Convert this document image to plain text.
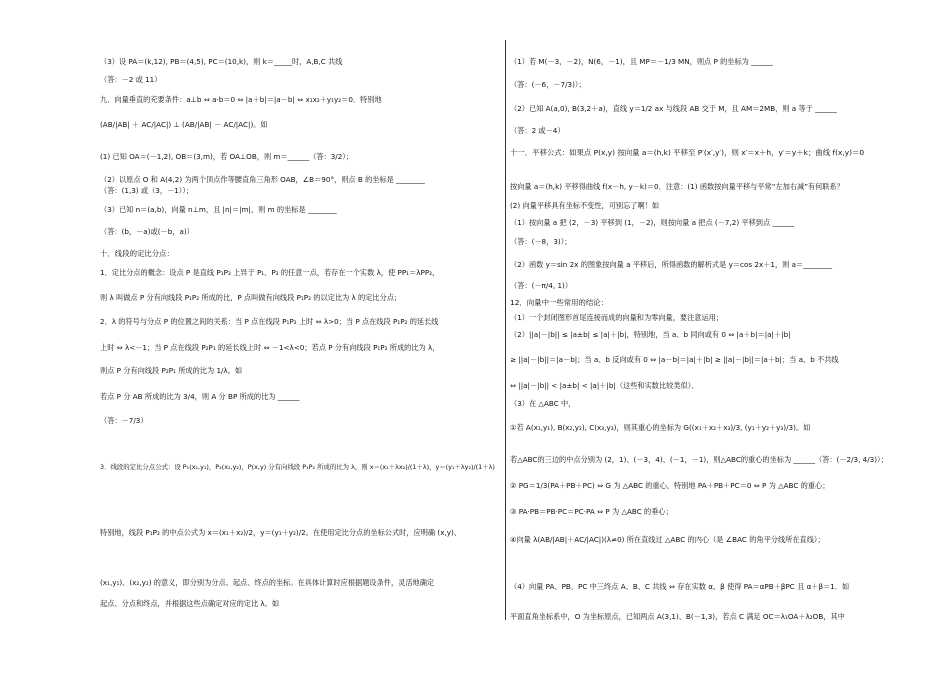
（3）设 PA＝(k,12), PB＝(4,5), PC＝(10,k)，则 k＝_____时，A,B,C 共线
（答：－2 或 11）
九．向量垂直的充要条件：a⊥b ⇔ a·b＝0 ⇔ |a＋b|＝|a－b| ⇔ x₁x₂＋y₁y₂＝0．特别地
(AB/|AB| ＋ AC/|AC|) ⊥ (AB/|AB| － AC/|AC|)。如
(1) 已知 OA＝(－1,2), OB＝(3,m)，若 OA⊥OB，则 m＝______（答：3/2）；
（2）以原点 O 和 A(4,2) 为两个顶点作等腰直角三角形 OAB，∠B＝90°，则点 B 的坐标是 ________
（答：(1,3) 或（3，－1））；
（3）已知 n＝(a,b)，向量 n⊥m，且 |n|＝|m|，则 m 的坐标是 ________
（答：(b，－a)或(－b，a)）
十．线段的定比分点：
1．定比分点的概念：设点 P 是直线 P₁P₂ 上异于 P₁、P₂ 的任意一点，若存在一个实数 λ，使 PP₁＝λPP₂，
则 λ 叫做点 P 分有向线段 P₁P₂ 所成的比，P 点叫做有向线段 P₁P₂ 的以定比为 λ 的定比分点；
2．λ 的符号与分点 P 的位置之间的关系：当 P 点在线段 P₁P₂ 上时 ⇔ λ>0；当 P 点在线段 P₁P₂ 的延长线
上时 ⇔ λ<－1；当 P 点在线段 P₂P₁ 的延长线上时 ⇔ －1<λ<0；若点 P 分有向线段 P₁P₂ 所成的比为 λ，
则点 P 分有向线段 P₂P₁ 所成的比为 1/λ。如
若点 P 分 AB 所成的比为 3/4，则 A 分 BP 所成的比为 ______
（答：－7/3）
3．线段的定比分点公式：设 P₁(x₁,y₁)，P₂(x₂,y₂)，P(x,y) 分有向线段 P₁P₂ 所成的比为 λ，则 x＝(x₁＋λx₂)/(1＋λ)，y＝(y₁＋λy₂)/(1＋λ)
特别地，线段 P₁P₂ 的中点公式为 x＝(x₁＋x₂)/2，y＝(y₁＋y₂)/2。在使用定比分点的坐标公式时，应明确 (x,y)、
(x₁,y₁)、(x₂,y₂) 的意义，即分别为分点、起点、终点的坐标。在具体计算时应根据题设条件，灵活地确定
起点、分点和终点，并根据这些点确定对应的定比 λ。如
（1）若 M(－3，－2)，N(6，－1)，且 MP＝－1/3 MN，则点 P 的坐标为 ______
（答：(－6，－7/3)）；
（2）已知 A(a,0), B(3,2＋a)，直线 y＝1/2 ax 与线段 AB 交于 M，且 AM＝2MB，则 a 等于 ______
（答：2 或－4）
十一．平移公式：如果点 P(x,y) 按向量 a＝(h,k) 平移至 P′(x′,y′)，则 x′＝x＋h，y′＝y＋k；曲线 f(x,y)＝0
按向量 a＝(h,k) 平移得曲线 f(x－h, y－k)＝0．注意：(1) 函数按向量平移与平常“左加右减”有何联系？
(2) 向量平移具有坐标不变性，可别忘了啊！如
（1）按向量 a 把 (2，－3) 平移到 (1，－2)，则按向量 a 把点 (－7,2) 平移到点 ______
（答：(－8，3)）；
（2）函数 y＝sin 2x 的图象按向量 a 平移后，所得函数的解析式是 y＝cos 2x＋1，则 a＝________
（答：(－π/4, 1)）
12．向量中一些常用的结论：
（1）一个封闭图形首尾连接而成的向量和为零向量，要注意运用；
（2）||a|－|b|| ≤ |a±b| ≤ |a|＋|b|，特别地，当 a、b 同向或有 0 ⇔ |a＋b|＝|a|＋|b|
≥ ||a|－|b||＝|a－b|；当 a、b 反向或有 0 ⇔ |a－b|＝|a|＋|b| ≥ ||a|－|b||＝|a＋b|；当 a、b 不共线
⇔ ||a|－|b|| < |a±b| < |a|＋|b|（这些和实数比较类似）．
（3）在 △ABC 中，
①若 A(x₁,y₁), B(x₂,y₂), C(x₃,y₃)，则其重心的坐标为 G((x₁＋x₂＋x₃)/3, (y₁＋y₂＋y₃)/3)。如
若△ABC的三边的中点分别为 (2，1)、(－3，4)、(－1，－1)，则△ABC的重心的坐标为 ______（答：(－2/3, 4/3)）；
② PG＝1/3(PA＋PB＋PC) ⇔ G 为 △ABC 的重心，特别地 PA＋PB＋PC＝0 ⇔ P 为 △ABC 的重心；
③ PA·PB＝PB·PC＝PC·PA ⇔ P 为 △ABC 的垂心；
④向量 λ(AB/|AB|＋AC/|AC|)(λ≠0) 所在直线过 △ABC 的内心（是 ∠BAC 的角平分线所在直线）；
（4）向量 PA、PB、PC 中三终点 A、B、C 共线 ⇔ 存在实数 α、β 使得 PA＝αPB＋βPC 且 α＋β＝1．如
平面直角坐标系中，O 为坐标原点，已知两点 A(3,1)、B(－1,3)，若点 C 满足 OC＝λ₁OA＋λ₂OB，其中
